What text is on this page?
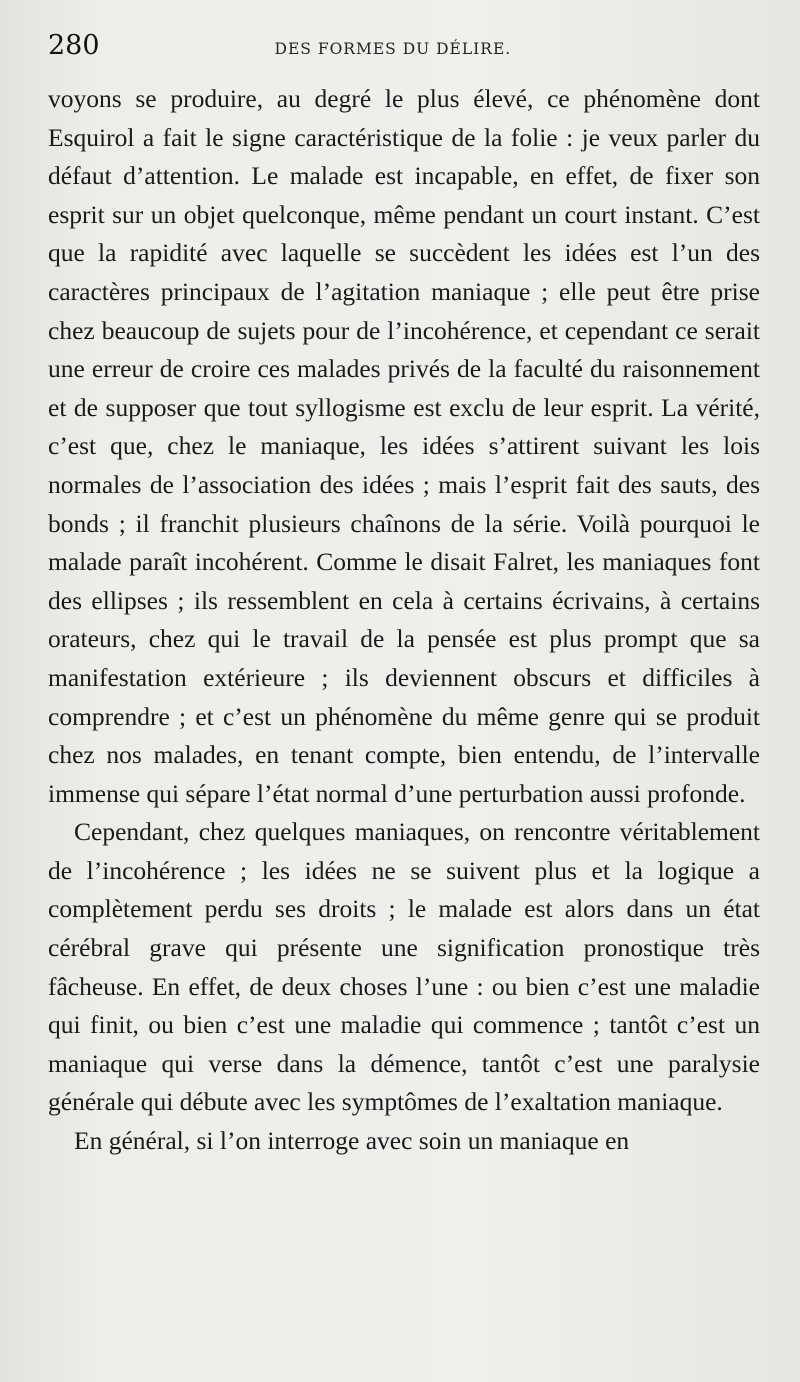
280	DES FORMES DU DÉLIRE.

voyons se produire, au degré le plus élevé, ce phénomène dont Esquirol a fait le signe caractéristique de la folie : je veux parler du défaut d’attention. Le malade est incapable, en effet, de fixer son esprit sur un objet quelconque, même pendant un court instant. C’est que la rapidité avec laquelle se succèdent les idées est l’un des caractères principaux de l’agitation maniaque ; elle peut être prise chez beaucoup de sujets pour de l’incohérence, et cependant ce serait une erreur de croire ces malades privés de la faculté du raisonnement et de supposer que tout syllogisme est exclu de leur esprit. La vérité, c’est que, chez le maniaque, les idées s’attirent suivant les lois normales de l’association des idées ; mais l’esprit fait des sauts, des bonds ; il franchit plusieurs chaînons de la série. Voilà pourquoi le malade paraît incohérent. Comme le disait Falret, les maniaques font des ellipses ; ils ressemblent en cela à certains écrivains, à certains orateurs, chez qui le travail de la pensée est plus prompt que sa manifestation extérieure ; ils deviennent obscurs et difficiles à comprendre ; et c’est un phénomène du même genre qui se produit chez nos malades, en tenant compte, bien entendu, de l’intervalle immense qui sépare l’état normal d’une perturbation aussi profonde.

Cependant, chez quelques maniaques, on rencontre véritablement de l’incohérence ; les idées ne se suivent plus et la logique a complètement perdu ses droits ; le malade est alors dans un état cérébral grave qui présente une signification pronostique très fâcheuse. En effet, de deux choses l’une : ou bien c’est une maladie qui finit, ou bien c’est une maladie qui commence ; tantôt c’est un maniaque qui verse dans la démence, tantôt c’est une paralysie générale qui débute avec les symptômes de l’exaltation maniaque.

En général, si l’on interroge avec soin un maniaque en
